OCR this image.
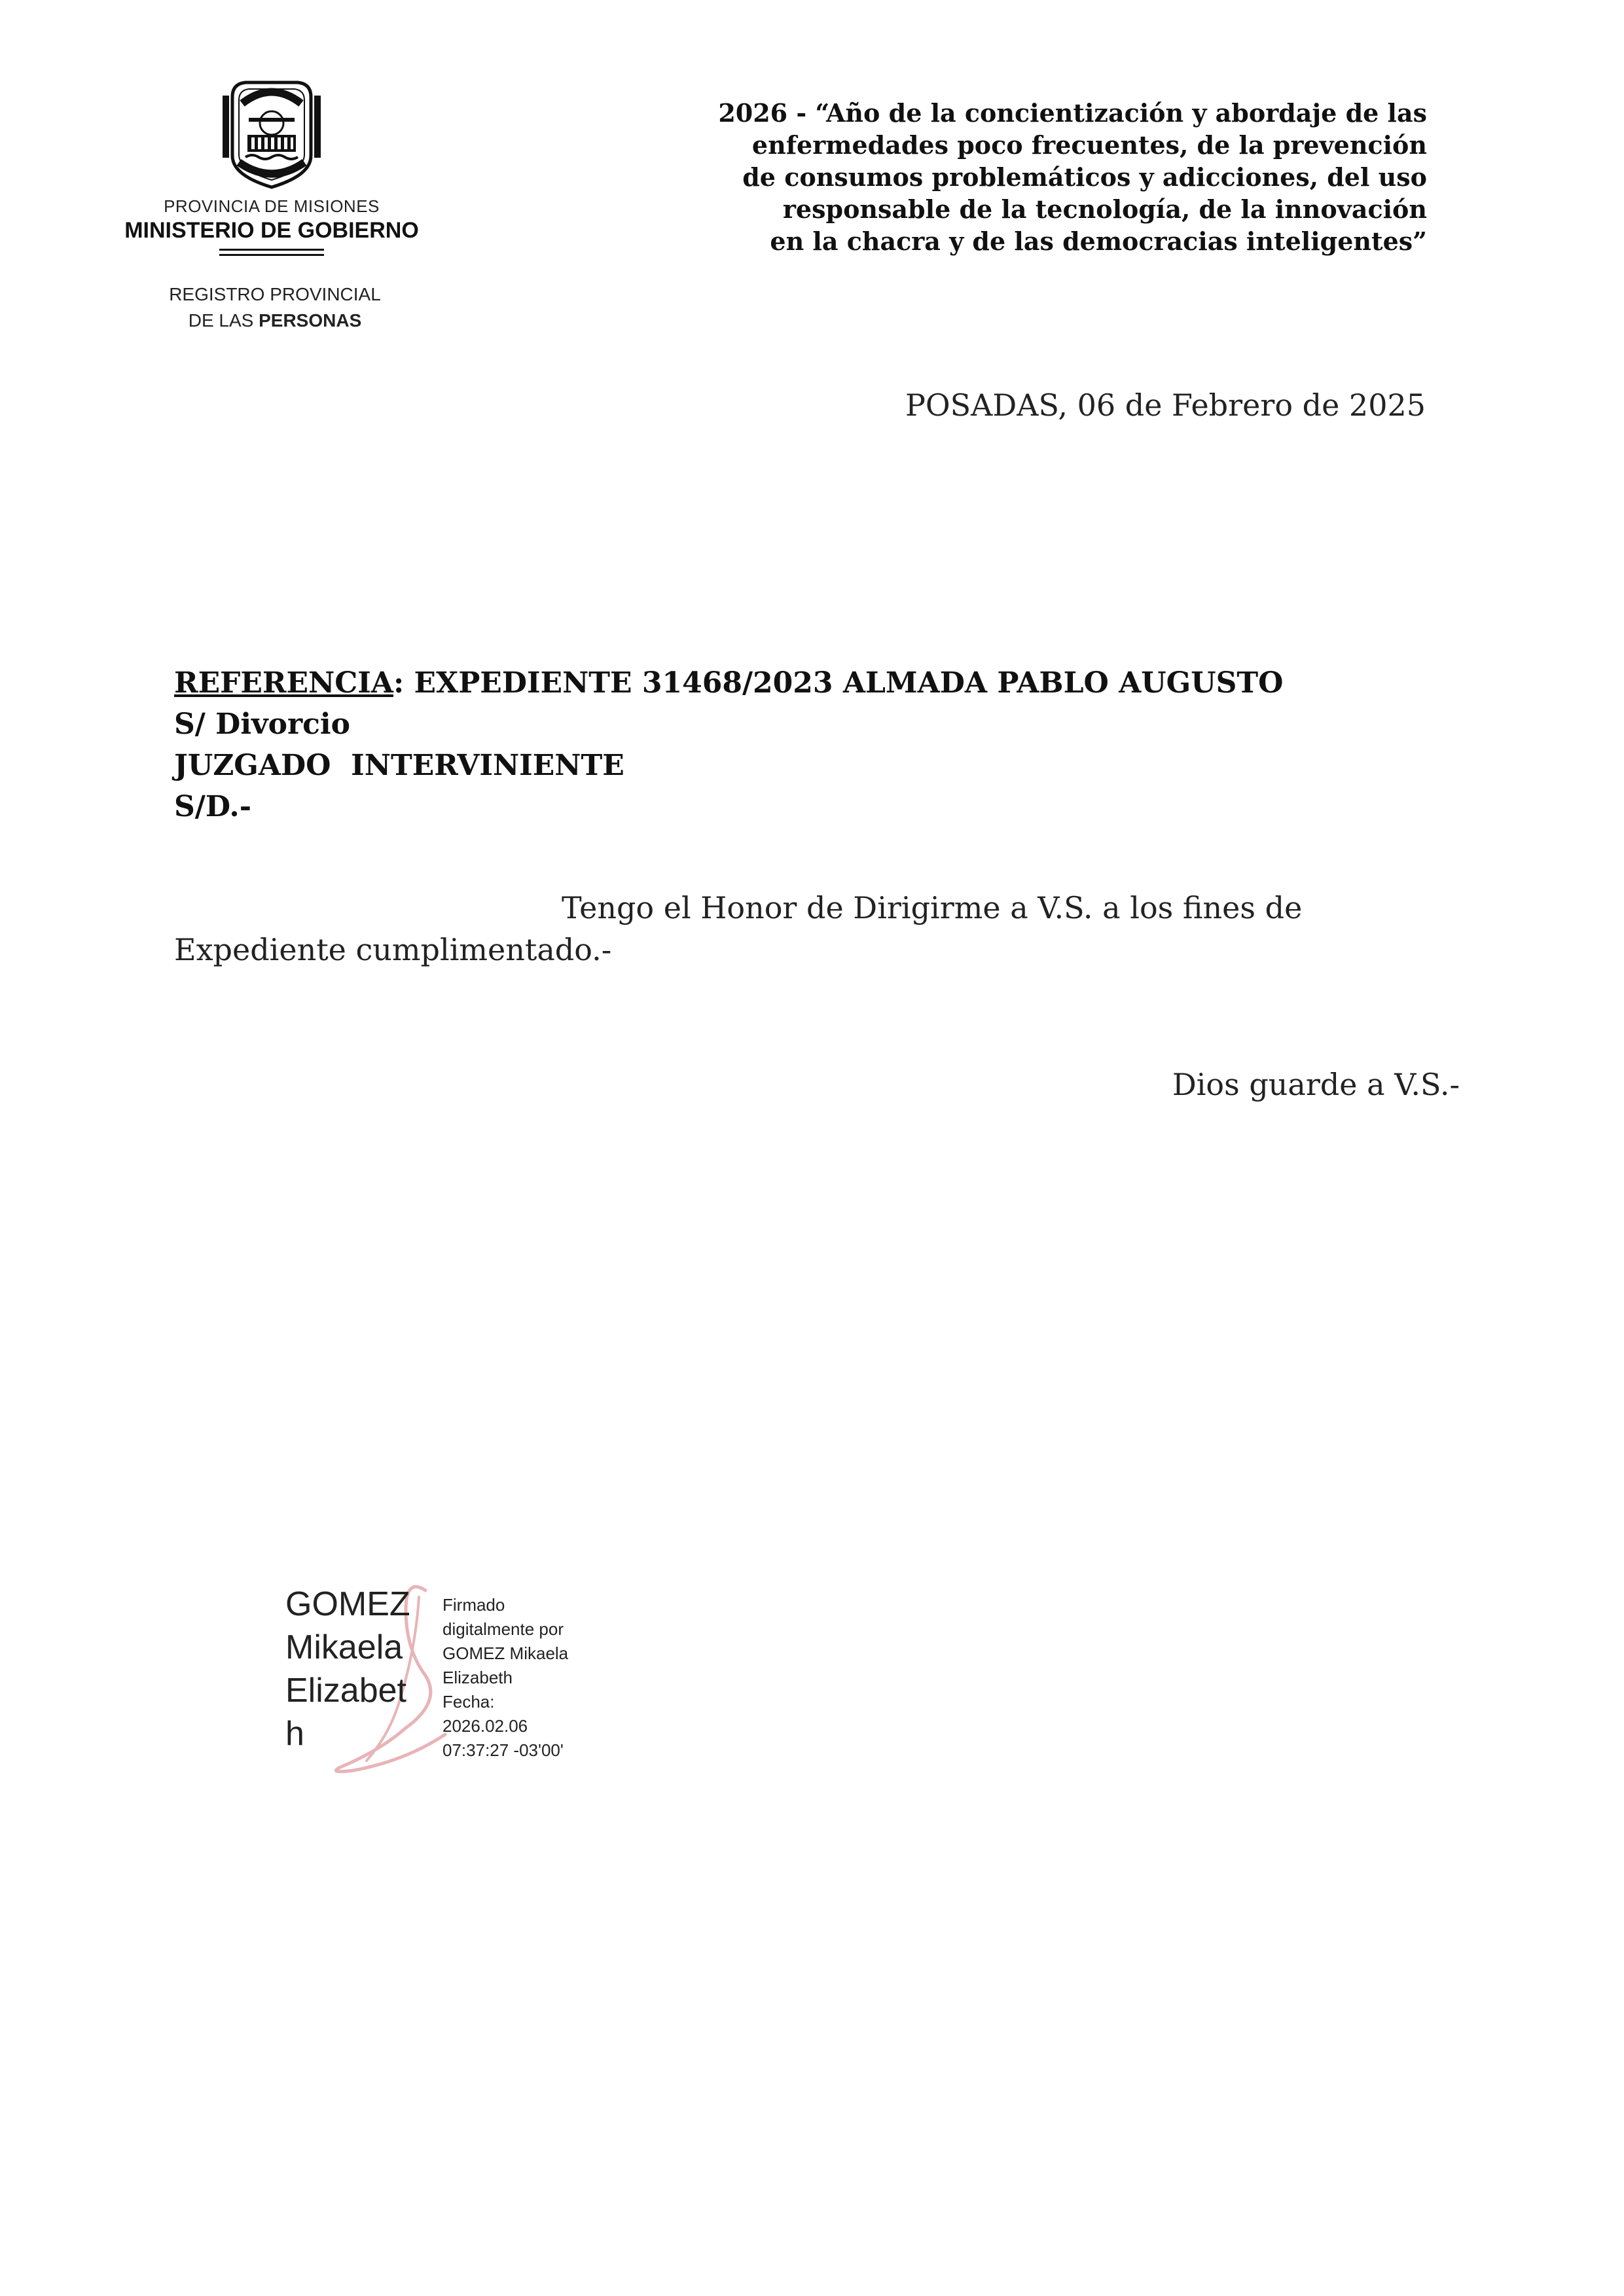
PROVINCIA DE MISIONES
MINISTERIO DE GOBIERNO
REGISTRO PROVINCIAL
DE LAS PERSONAS
2026 - “Año de la concientización y abordaje de las
enfermedades poco frecuentes, de la prevención
de consumos problemáticos y adicciones, del uso
responsable de la tecnología, de la innovación
en la chacra y de las democracias inteligentes”
POSADAS, 06 de Febrero de 2025
REFERENCIA: EXPEDIENTE 31468/2023 ALMADA PABLO AUGUSTO
S/ Divorcio
JUZGADO  INTERVINIENTE
S/D.-
Tengo el Honor de Dirigirme a V.S. a los fines de
Expediente cumplimentado.-
Dios guarde a V.S.-
GOMEZ
Mikaela
Elizabet
h
Firmado
digitalmente por
GOMEZ Mikaela
Elizabeth
Fecha:
2026.02.06
07:37:27 -03'00'
